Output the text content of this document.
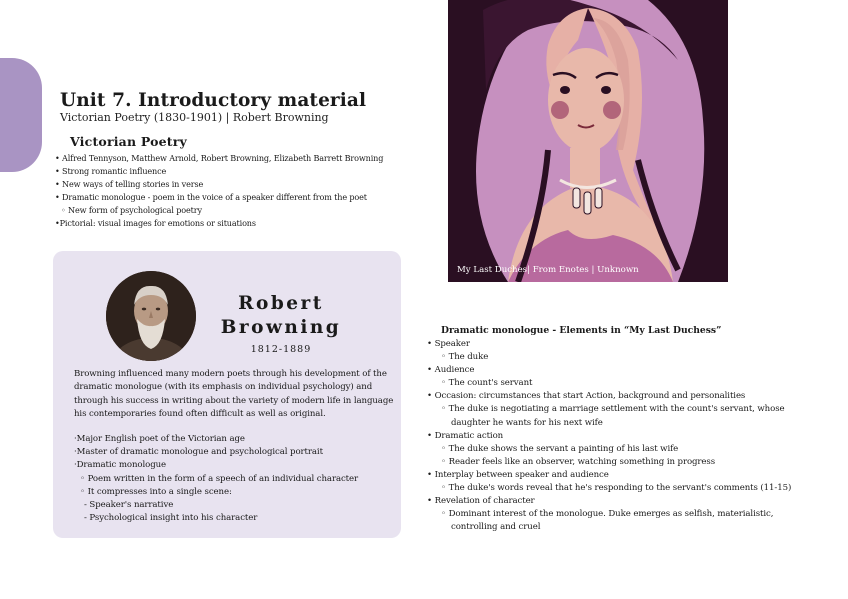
Unit 7. Introductory material
Victorian Poetry (1830-1901) | Robert Browning
Victorian Poetry
• Alfred Tennyson, Matthew Arnold, Robert Browning, Elizabeth Barrett Browning
• Strong romantic influence
• New ways of telling stories in verse
• Dramatic monologue - poem in the voice of a speaker different from the poet
◦ New form of psychological poetry
•Pictorial: visual images for emotions or situations
Robert
Browning
1812-1889

Browning influenced many modern poets through his development of the dramatic monologue (with its emphasis on individual psychology) and through his success in writing about the variety of modern life in language his contemporaries found often difficult as well as original.

·Major English poet of the Victorian age
·Master of dramatic monologue and psychological portrait
·Dramatic monologue
◦ Poem written in the form of a speech of an individual character
◦ It compresses into a single scene:
- Speaker's narrative
- Psychological insight into his character
My Last Duches| From Enotes | Unknown
Dramatic monologue - Elements in “My Last Duchess”
• Speaker
◦ The duke
• Audience
◦ The count's servant
• Occasion: circumstances that start Action, background and personalities
◦ The duke is negotiating a marriage settlement with the count's servant, whose daughter he wants for his next wife
• Dramatic action
◦ The duke shows the servant a painting of his last wife
◦ Reader feels like an observer, watching something in progress
• Interplay between speaker and audience
◦ The duke's words reveal that he's responding to the servant's comments (11-15)
• Revelation of character
◦ Dominant interest of the monologue. Duke emerges as selfish, materialistic, controlling and cruel
